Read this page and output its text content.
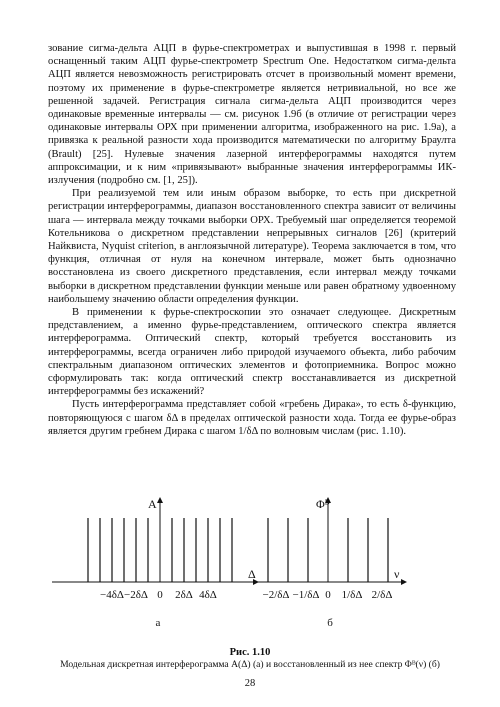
зование сигма-дельта АЦП в фурье-спектрометрах и выпустившая в 1998 г. первый оснащенный таким АЦП фурье-спектрометр Spectrum One. Недостатком сигма-дельта АЦП является невозможность регистрировать отсчет в произвольный момент времени, поэтому их применение в фурье-спектрометре является нетривиальной, но все же решенной задачей. Регистрация сигнала сигма-дельта АЦП производится через одинаковые временные интервалы — см. рисунок 1.9б (в отличие от регистрации через одинаковые интервалы ОРХ при применении алгоритма, изображенного на рис. 1.9а), а привязка к реальной разности хода производится математически по алгоритму Браулта (Brault) [25]. Нулевые значения лазерной интерферограммы находятся путем аппроксимации, и к ним «привязывают» выбранные значения интерферограммы ИК-излучения (подробно см. [1, 25]).

При реализуемой тем или иным образом выборке, то есть при дискретной регистрации интерферограммы, диапазон восстановленного спектра зависит от величины шага — интервала между точками выборки ОРХ. Требуемый шаг определяется теоремой Котельникова о дискретном представлении непрерывных сигналов [26] (критерий Найквиста, Nyquist criterion, в англоязычной литературе). Теорема заключается в том, что функция, отличная от нуля на конечном интервале, может быть однозначно восстановлена из своего дискретного представления, если интервал между точками выборки в дискретном представлении функции меньше или равен обратному удвоенному наибольшему значению области определения функции.

В применении к фурье-спектроскопии это означает следующее. Дискретным представлением, а именно фурье-представлением, оптического спектра является интерферограмма. Оптический спектр, который требуется восстановить из интерферограммы, всегда ограничен либо природой изучаемого объекта, либо рабочим спектральным диапазоном оптических элементов и фотоприемника. Вопрос можно сформулировать так: когда оптический спектр восстанавливается из дискретной интерферограммы без искажений?

Пусть интерферограмма представляет собой «гребень Дирака», то есть δ-функцию, повторяющуюся с шагом δΔ в пределах оптической разности хода. Тогда ее фурье-образ является другим гребнем Дирака с шагом 1/δΔ по волновым числам (рис. 1.10).

A
Δ
−4δΔ −2δΔ 0 2δΔ 4δΔ
а
Φᴮ
ν
−2/δΔ −1/δΔ 0 1/δΔ 2/δΔ
б
Рис. 1.10
Модельная дискретная интерферограмма A(Δ) (а) и восстановленный из нее спектр Φᴮ(ν) (б)
28
